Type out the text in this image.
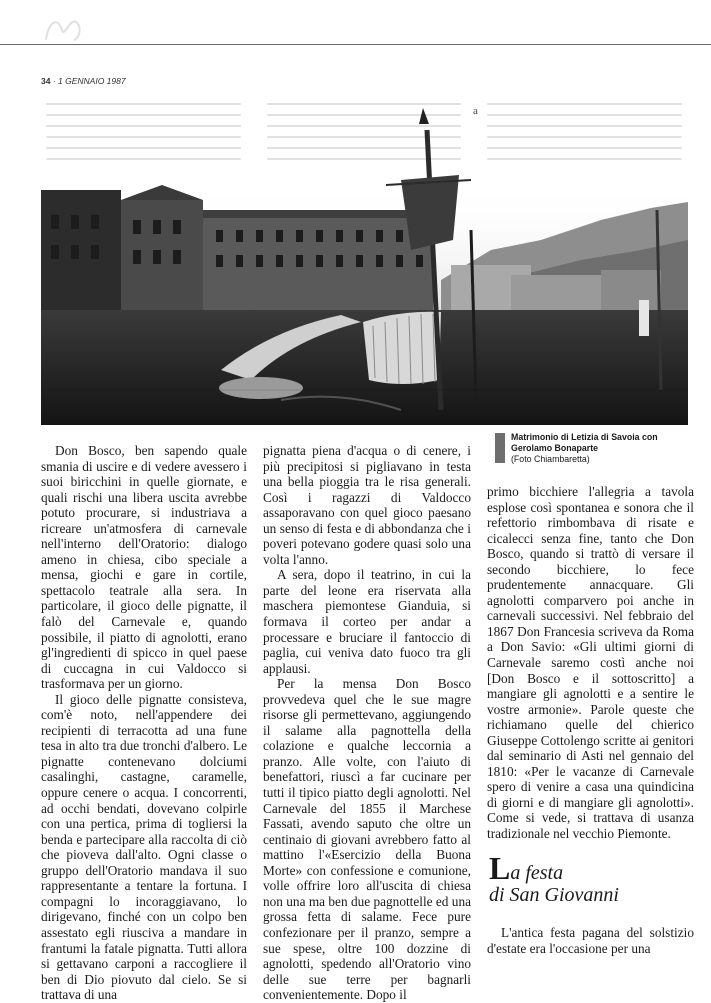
34 · 1 GENNAIO 1987
a
Matrimonio di Letizia di Savoia con Gerolamo Bonaparte
(Foto Chiambaretta)

Don Bosco, ben sapendo quale smania di uscire e di vedere avessero i suoi biricchini in quelle giornate, e quali rischi una libera uscita avrebbe potuto procurare, si industriava a ricreare un'atmosfera di carnevale nell'interno dell'Oratorio: dialogo ameno in chiesa, cibo speciale a mensa, giochi e gare in cortile, spettacolo teatrale alla sera. In particolare, il gioco delle pignatte, il falò del Carnevale e, quando possibile, il piatto di agnolotti, erano gl'ingredienti di spicco in quel paese di cuccagna in cui Valdocco si trasformava per un giorno.

Il gioco delle pignatte consisteva, com'è noto, nell'appendere dei recipienti di terracotta ad una fune tesa in alto tra due tronchi d'albero. Le pignatte contenevano dolciumi casalinghi, castagne, caramelle, oppure cenere o acqua. I concorrenti, ad occhi bendati, dovevano colpirle con una pertica, prima di togliersi la benda e partecipare alla raccolta di ciò che pioveva dall'alto. Ogni classe o gruppo dell'Oratorio mandava il suo rappresentante a tentare la fortuna. I compagni lo incoraggiavano, lo dirigevano, finché con un colpo ben assestato egli riusciva a mandare in frantumi la fatale pignatta. Tutti allora si gettavano carponi a raccogliere il ben di Dio piovuto dal cielo. Se si trattava di una

pignatta piena d'acqua o di cenere, i più precipitosi si pigliavano in testa una bella pioggia tra le risa generali. Così i ragazzi di Valdocco assaporavano con quel gioco paesano un senso di festa e di abbondanza che i poveri potevano godere quasi solo una volta l'anno.

A sera, dopo il teatrino, in cui la parte del leone era riservata alla maschera piemontese Gianduia, si formava il corteo per andar a processare e bruciare il fantoccio di paglia, cui veniva dato fuoco tra gli applausi.

Per la mensa Don Bosco provvedeva quel che le sue magre risorse gli permettevano, aggiungendo il salame alla pagnottella della colazione e qualche leccornia a pranzo. Alle volte, con l'aiuto di benefattori, riuscì a far cucinare per tutti il tipico piatto degli agnolotti. Nel Carnevale del 1855 il Marchese Fassati, avendo saputo che oltre un centinaio di giovani avrebbero fatto al mattino l'«Esercizio della Buona Morte» con confessione e comunione, volle offrire loro all'uscita di chiesa non una ma ben due pagnottelle ed una grossa fetta di salame. Fece pure confezionare per il pranzo, sempre a sue spese, oltre 100 dozzine di agnolotti, spedendo all'Oratorio vino delle sue terre per bagnarli convenientemente. Dopo il

primo bicchiere l'allegria a tavola esplose così spontanea e sonora che il refettorio rimbombava di risate e cicalecci senza fine, tanto che Don Bosco, quando si trattò di versare il secondo bicchiere, lo fece prudentemente annacquare. Gli agnolotti comparvero poi anche in carnevali successivi. Nel febbraio del 1867 Don Francesia scriveva da Roma a Don Savio: «Gli ultimi giorni di Carnevale saremo costì anche noi [Don Bosco e il sottoscritto] a mangiare gli agnolotti e a sentire le vostre armonie». Parole queste che richiamano quelle del chierico Giuseppe Cottolengo scritte ai genitori dal seminario di Asti nel gennaio del 1810: «Per le vacanze di Carnevale spero di venire a casa una quindicina di giorni e di mangiare gli agnolotti». Come si vede, si trattava di usanza tradizionale nel vecchio Piemonte.

La festa
di San Giovanni

L'antica festa pagana del solstizio d'estate era l'occasione per una
